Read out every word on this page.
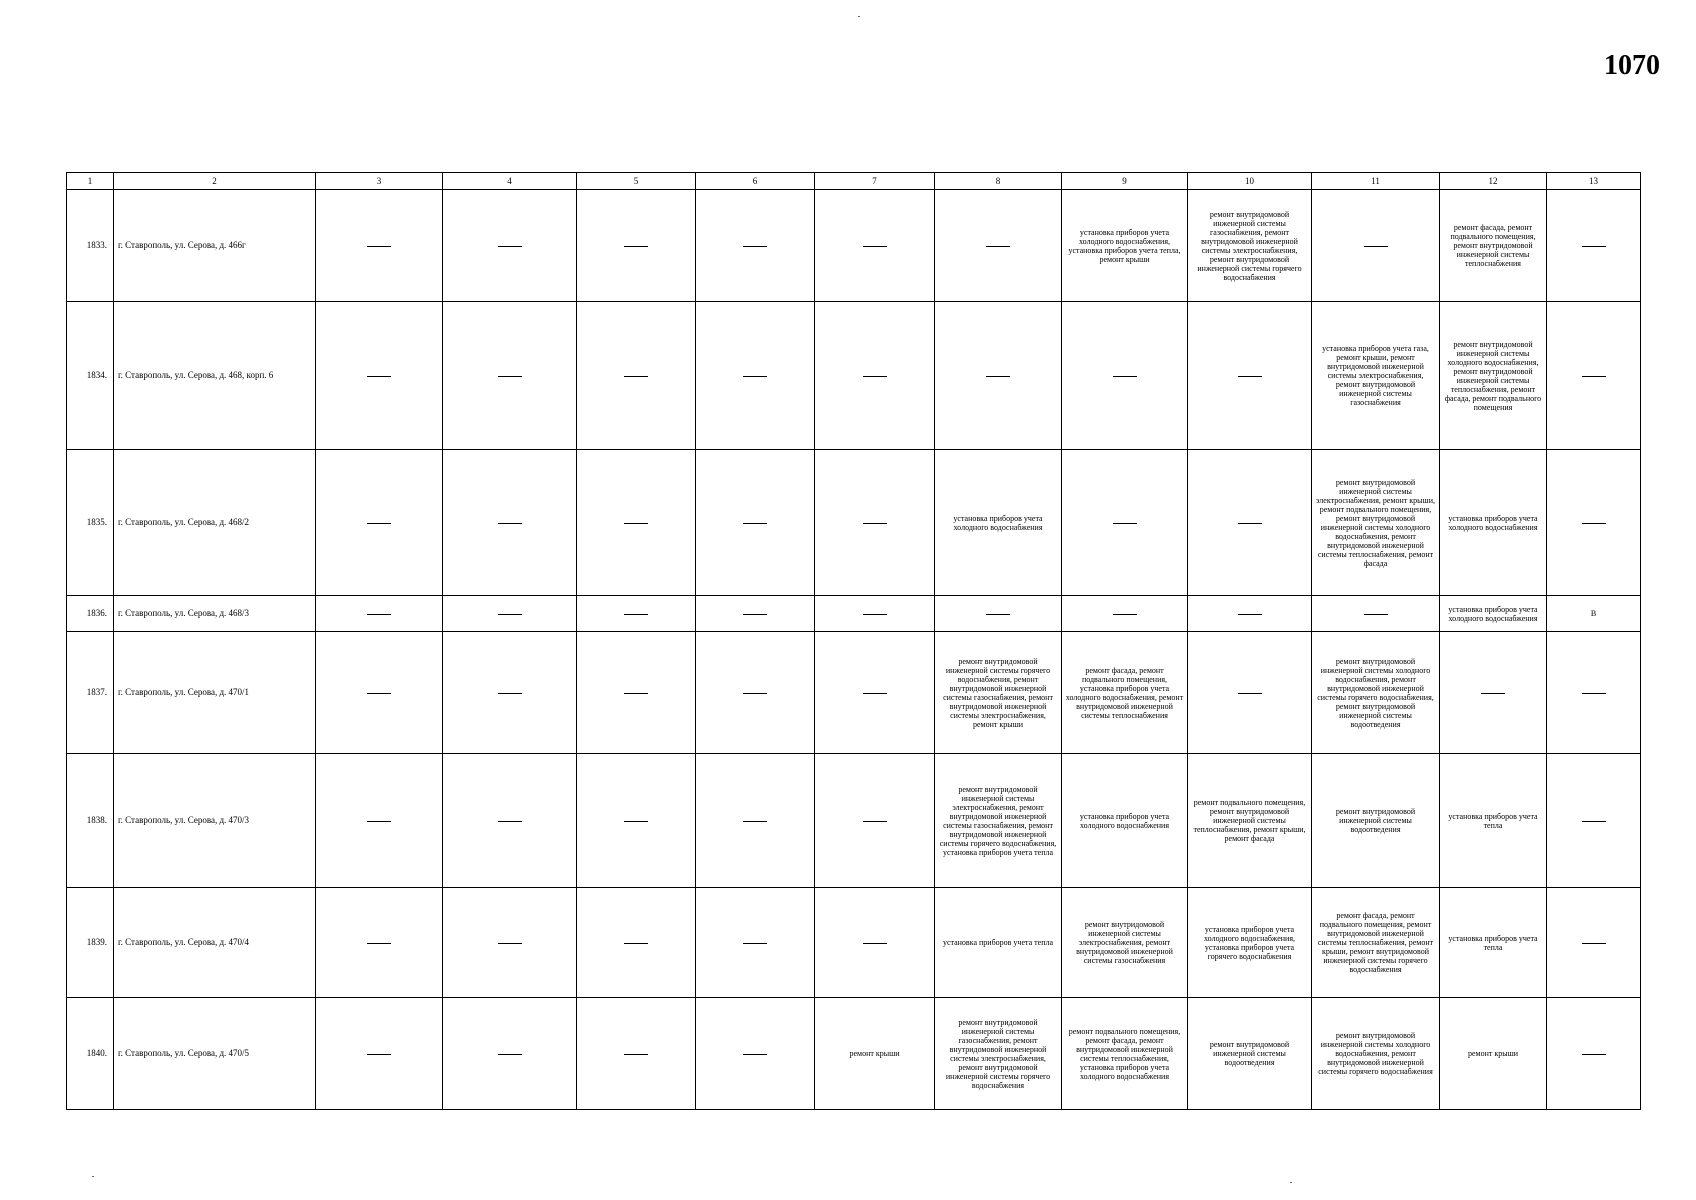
1070
1	2	3	4	5	6	7	8	9	10	11	12	13
1833.	г. Ставрополь, ул. Серова, д. 466г							установка приборов учета холодного водоснабжения, установка приборов учета тепла, ремонт крыши	ремонт внутридомовой инженерной системы газоснабжения, ремонт внутридомовой инженерной системы электроснабжения, ремонт внутридомовой инженерной системы горячего водоснабжения		ремонт фасада, ремонт подвального помещения, ремонт внутридомовой инженерной системы теплоснабжения	
1834.	г. Ставрополь, ул. Серова, д. 468, корп. 6									установка приборов учета газа, ремонт крыши, ремонт внутридомовой инженерной системы электроснабжения, ремонт внутридомовой инженерной системы газоснабжения	ремонт внутридомовой инженерной системы холодного водоснабжения, ремонт внутридомовой инженерной системы теплоснабжения, ремонт фасада, ремонт подвального помещения	
1835.	г. Ставрополь, ул. Серова, д. 468/2						установка приборов учета холодного водоснабжения			ремонт внутридомовой инженерной системы электроснабжения, ремонт крыши, ремонт подвального помещения, ремонт внутридомовой инженерной системы холодного водоснабжения, ремонт внутридомовой инженерной системы теплоснабжения, ремонт фасада	установка приборов учета холодного водоснабжения	
1836.	г. Ставрополь, ул. Серова, д. 468/3										установка приборов учета холодного водоснабжения	В
1837.	г. Ставрополь, ул. Серова, д. 470/1						ремонт внутридомовой инженерной системы горячего водоснабжения, ремонт внутридомовой инженерной системы газоснабжения, ремонт внутридомовой инженерной системы электроснабжения, ремонт крыши	ремонт фасада, ремонт подвального помещения, установка приборов учета холодного водоснабжения, ремонт внутридомовой инженерной системы теплоснабжения		ремонт внутридомовой инженерной системы холодного водоснабжения, ремонт внутридомовой инженерной системы горячего водоснабжения, ремонт внутридомовой инженерной системы водоотведения		
1838.	г. Ставрополь, ул. Серова, д. 470/3						ремонт внутридомовой инженерной системы электроснабжения, ремонт внутридомовой инженерной системы газоснабжения, ремонт внутридомовой инженерной системы горячего водоснабжения, установка приборов учета тепла	установка приборов учета холодного водоснабжения	ремонт подвального помещения, ремонт внутридомовой инженерной системы теплоснабжения, ремонт крыши, ремонт фасада	ремонт внутридомовой инженерной системы водоотведения	установка приборов учета тепла	
1839.	г. Ставрополь, ул. Серова, д. 470/4						установка приборов учета тепла	ремонт внутридомовой инженерной системы электроснабжения, ремонт внутридомовой инженерной системы газоснабжения	установка приборов учета холодного водоснабжения, установка приборов учета горячего водоснабжения	ремонт фасада, ремонт подвального помещения, ремонт внутридомовой инженерной системы теплоснабжения, ремонт крыши, ремонт внутридомовой инженерной системы горячего водоснабжения	установка приборов учета тепла	
1840.	г. Ставрополь, ул. Серова, д. 470/5					ремонт крыши	ремонт внутридомовой инженерной системы газоснабжения, ремонт внутридомовой инженерной системы электроснабжения, ремонт внутридомовой инженерной системы горячего водоснабжения	ремонт подвального помещения, ремонт фасада, ремонт внутридомовой инженерной системы теплоснабжения, установка приборов учета холодного водоснабжения	ремонт внутридомовой инженерной системы водоотведения	ремонт внутридомовой инженерной системы холодного водоснабжения, ремонт внутридомовой инженерной системы горячего водоснабжения	ремонт крыши	
